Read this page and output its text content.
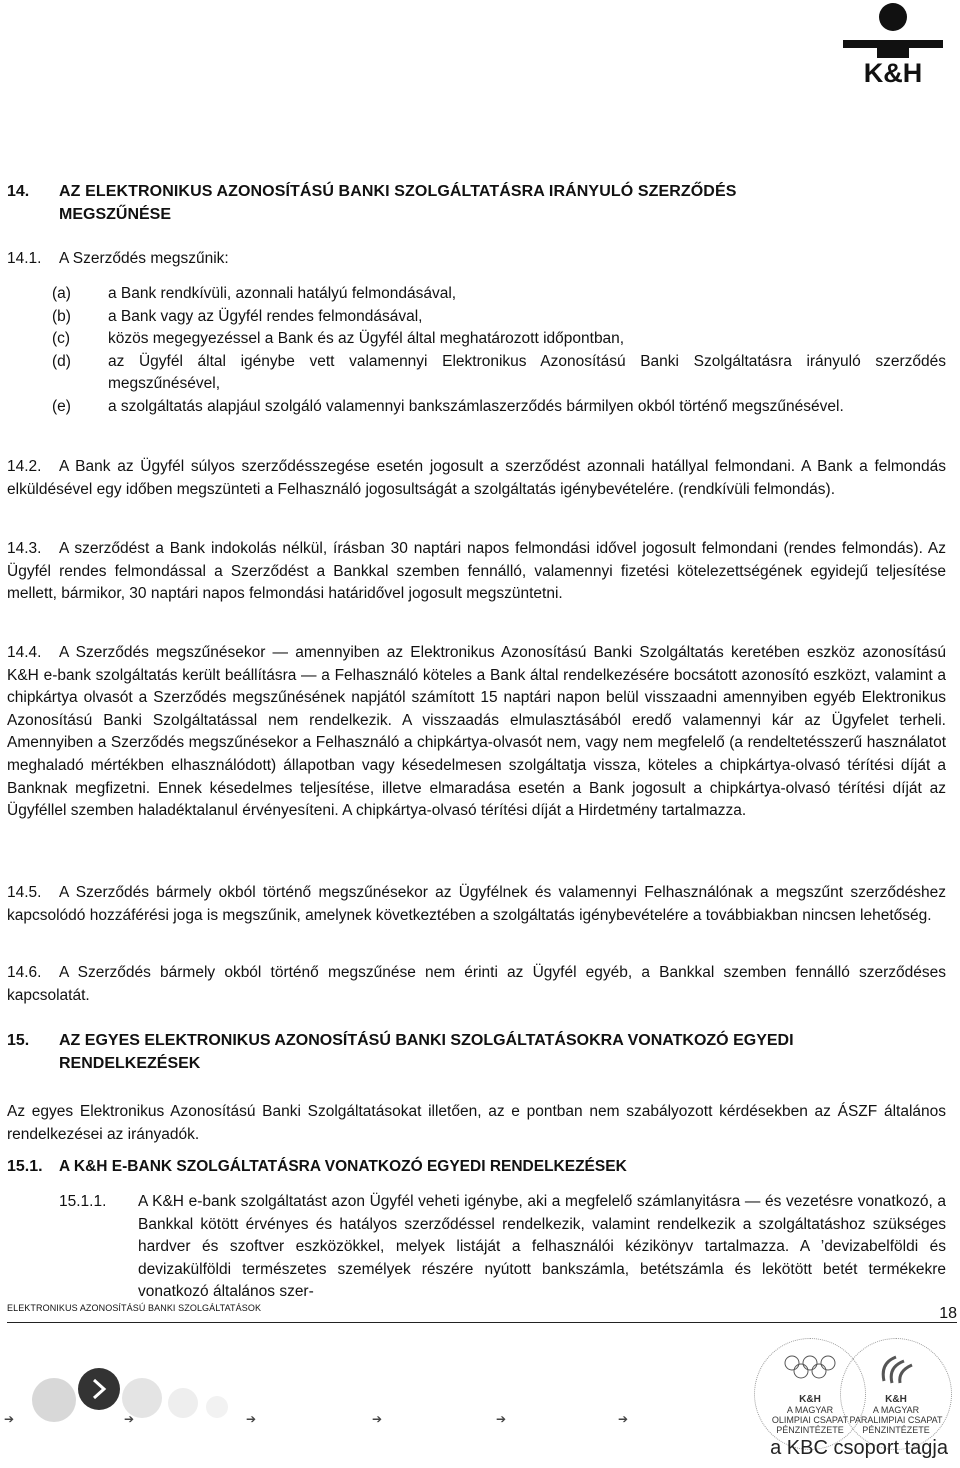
K&H
14.	AZ ELEKTRONIKUS AZONOSÍTÁSÚ BANKI SZOLGÁLTATÁSRA IRÁNYULÓ SZERZŐDÉS
MEGSZŰNÉSE
14.1.	A Szerződés megszűnik:
(a)	a Bank rendkívüli, azonnali hatályú felmondásával,
(b)	a Bank vagy az Ügyfél rendes felmondásával,
(c)	közös megegyezéssel a Bank és az Ügyfél által meghatározott időpontban,
(d)	az Ügyfél által igénybe vett valamennyi Elektronikus Azonosítású Banki Szolgáltatásra irányuló szerződés megszűnésével,
(e)	a szolgáltatás alapjául szolgáló valamennyi bankszámlaszerződés bármilyen okból történő megszűnésével.
14.2.	A Bank az Ügyfél súlyos szerződésszegése esetén jogosult a szerződést azonnali hatállyal felmondani. A Bank a felmondás elküldésével egy időben megszünteti a Felhasználó jogosultságát a szolgáltatás igénybevételére. (rendkívüli felmondás).
14.3.	A szerződést a Bank indokolás nélkül, írásban 30 naptári napos felmondási idővel jogosult felmondani (rendes felmondás). Az Ügyfél rendes felmondással a Szerződést a Bankkal szemben fennálló, valamennyi fizetési kötelezettségének egyidejű teljesítése mellett, bármikor, 30 naptári napos felmondási határidővel jogosult megszüntetni.
14.4.	A Szerződés megszűnésekor — amennyiben az Elektronikus Azonosítású Banki Szolgáltatás keretében eszköz azonosítású K&H e-bank szolgáltatás került beállításra — a Felhasználó köteles a Bank által rendelkezésére bocsátott azonosító eszközt, valamint a chipkártya olvasót a Szerződés megszűnésének napjától számított 15 naptári napon belül visszaadni amennyiben egyéb Elektronikus Azonosítású Banki Szolgáltatással nem rendelkezik. A visszaadás elmulasztásából eredő valamennyi kár az Ügyfelet terheli. Amennyiben a Szerződés megszűnésekor a Felhasználó a chipkártya-olvasót nem, vagy nem megfelelő (a rendeltetésszerű használatot meghaladó mértékben elhasználódott) állapotban vagy késedelmesen szolgáltatja vissza, köteles a chipkártya-olvasó térítési díját a Banknak megfizetni. Ennek késedelmes teljesítése, illetve elmaradása esetén a Bank jogosult a chipkártya-olvasó térítési díját az Ügyféllel szemben haladéktalanul érvényesíteni. A chipkártya-olvasó térítési díját a Hirdetmény tartalmazza.
14.5.	A Szerződés bármely okból történő megszűnésekor az Ügyfélnek és valamennyi Felhasználónak a megszűnt szerződéshez kapcsolódó hozzáférési joga is megszűnik, amelynek következtében a szolgáltatás igénybevételére a továbbiakban nincsen lehetőség.
14.6.	A Szerződés bármely okból történő megszűnése nem érinti az Ügyfél egyéb, a Bankkal szemben fennálló szerződéses kapcsolatát.
15.	AZ EGYES ELEKTRONIKUS AZONOSÍTÁSÚ BANKI SZOLGÁLTATÁSOKRA VONATKOZÓ EGYEDI
RENDELKEZÉSEK
Az egyes Elektronikus Azonosítású Banki Szolgáltatásokat illetően, az e pontban nem szabályozott kérdésekben az ÁSZF általános rendelkezései az irányadók.
15.1.	A K&H E-BANK SZOLGÁLTATÁSRA VONATKOZÓ EGYEDI RENDELKEZÉSEK
15.1.1. A K&H e-bank szolgáltatást azon Ügyfél veheti igénybe, aki a megfelelő számlanyitásra — és vezetésre vonatkozó, a Bankkal kötött érvényes és hatályos szerződéssel rendelkezik, valamint rendelkezik a szolgáltatáshoz szükséges hardver és szoftver eszközökkel, melyek listáját a felhasználói kézikönyv tartalmazza. A ’devizabelföldi és devizakülföldi természetes személyek részére nyútott bankszámla, betétszámla és lekötött betét termékekre vonatkozó általános szer-
ELEKTRONIKUS AZONOSÍTÁSÚ BANKI SZOLGÁLTATÁSOK	18
➔	➔	➔	➔	➔	➔
K&H
A MAGYAR
OLIMPIAI CSAPAT
PÉNZINTÉZETE
K&H
A MAGYAR
PARALIMPIAI CSAPAT
PÉNZINTÉZETE
a KBC csoport tagja
